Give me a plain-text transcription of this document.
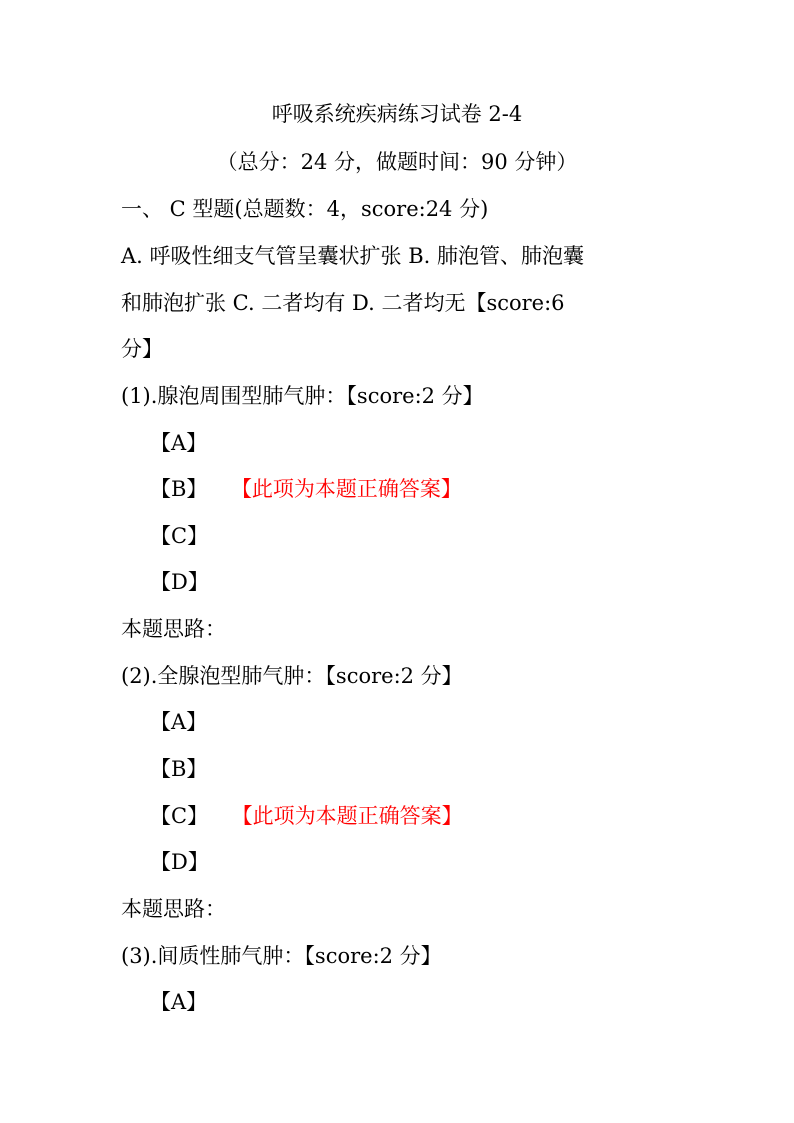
呼吸系统疾病练习试卷 2-4
（总分：24 分，做题时间：90 分钟）
一、 C 型题(总题数：4，score:24 分)
A. 呼吸性细支气管呈囊状扩张 B. 肺泡管、肺泡囊
和肺泡扩张 C. 二者均有 D. 二者均无【score:6
分】
(1).腺泡周围型肺气肿：【score:2 分】
【A】
【B】 【此项为本题正确答案】
【C】
【D】
本题思路：
(2).全腺泡型肺气肿：【score:2 分】
【A】
【B】
【C】 【此项为本题正确答案】
【D】
本题思路：
(3).间质性肺气肿：【score:2 分】
【A】
